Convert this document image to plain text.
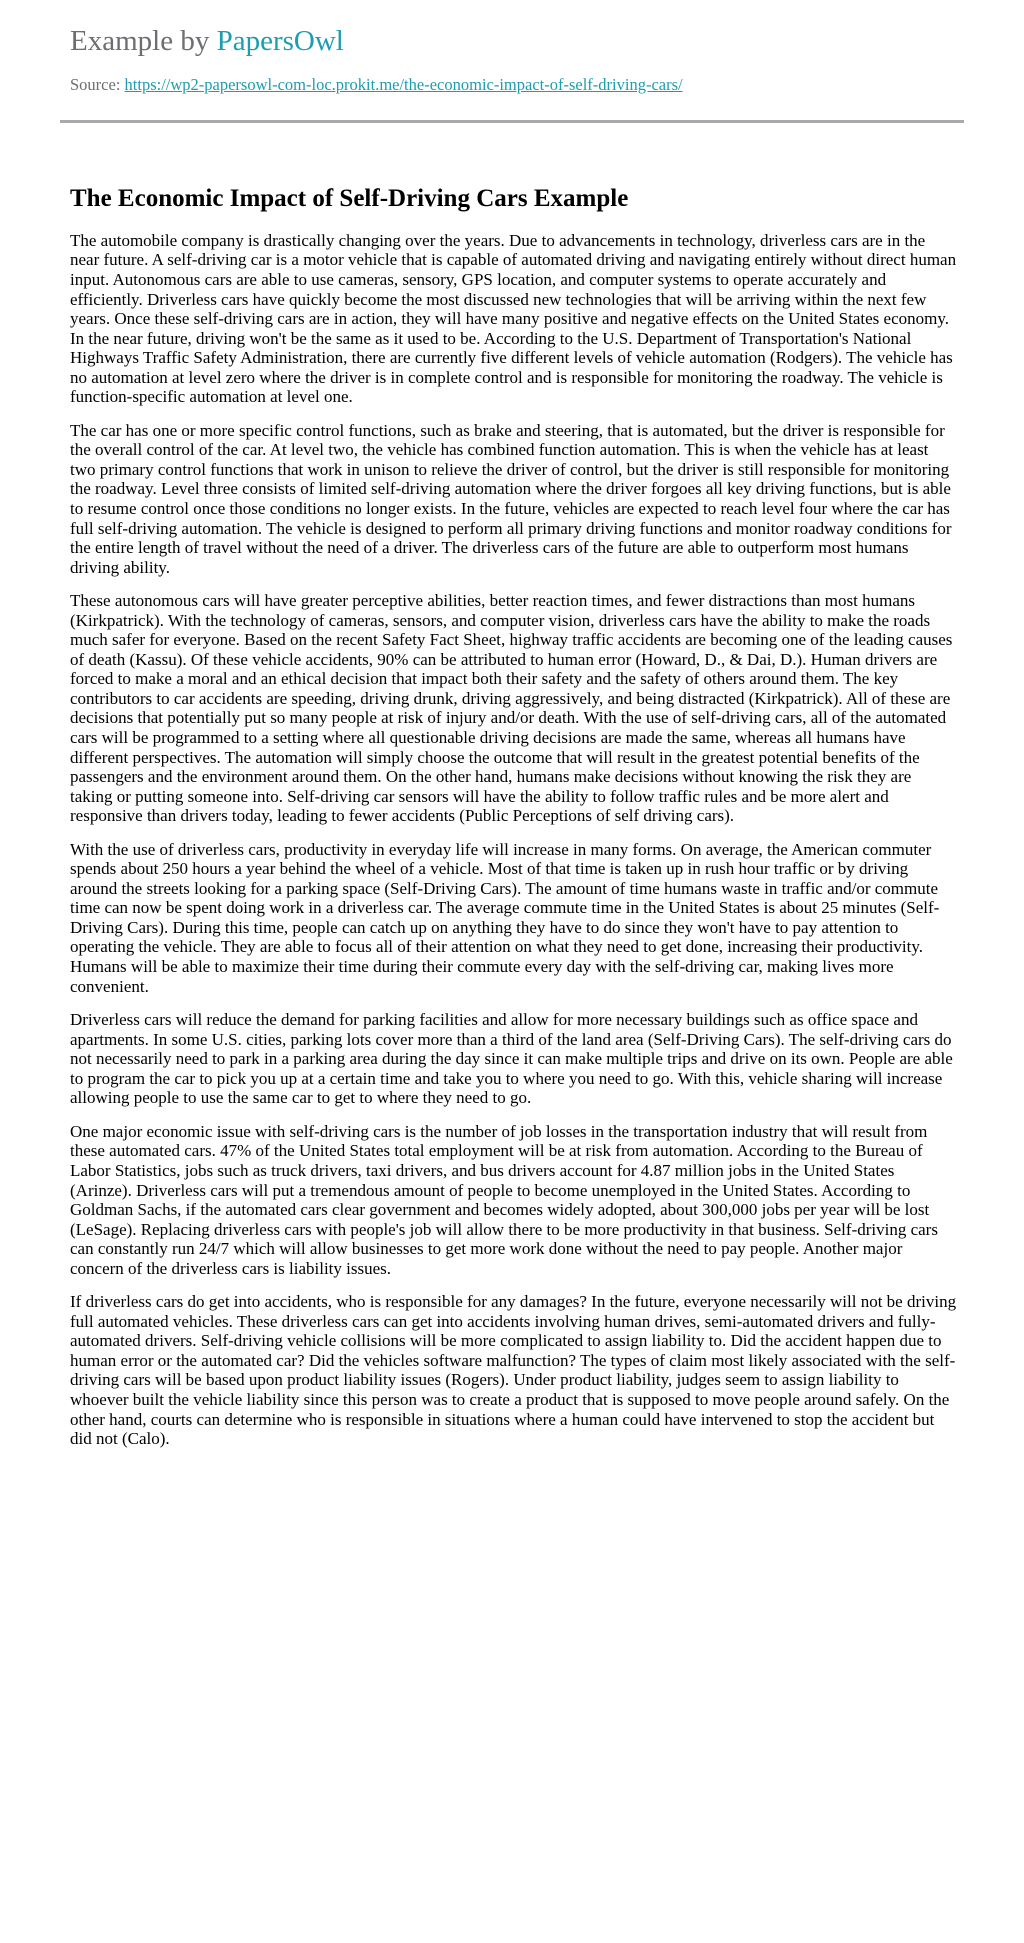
Example by PapersOwl
Source: https://wp2-papersowl-com-loc.prokit.me/the-economic-impact-of-self-driving-cars/
The Economic Impact of Self-Driving Cars Example

The automobile company is drastically changing over the years. Due to advancements in technology, driverless cars are in the near future. A self-driving car is a motor vehicle that is capable of automated driving and navigating entirely without direct human input. Autonomous cars are able to use cameras, sensory, GPS location, and computer systems to operate accurately and efficiently. Driverless cars have quickly become the most discussed new technologies that will be arriving within the next few years. Once these self-driving cars are in action, they will have many positive and negative effects on the United States economy. In the near future, driving won't be the same as it used to be. According to the U.S. Department of Transportation's National Highways Traffic Safety Administration, there are currently five different levels of vehicle automation (Rodgers). The vehicle has no automation at level zero where the driver is in complete control and is responsible for monitoring the roadway. The vehicle is function-specific automation at level one.

The car has one or more specific control functions, such as brake and steering, that is automated, but the driver is responsible for the overall control of the car. At level two, the vehicle has combined function automation. This is when the vehicle has at least two primary control functions that work in unison to relieve the driver of control, but the driver is still responsible for monitoring the roadway. Level three consists of limited self-driving automation where the driver forgoes all key driving functions, but is able to resume control once those conditions no longer exists. In the future, vehicles are expected to reach level four where the car has full self-driving automation. The vehicle is designed to perform all primary driving functions and monitor roadway conditions for the entire length of travel without the need of a driver. The driverless cars of the future are able to outperform most humans driving ability.

These autonomous cars will have greater perceptive abilities, better reaction times, and fewer distractions than most humans (Kirkpatrick). With the technology of cameras, sensors, and computer vision, driverless cars have the ability to make the roads much safer for everyone. Based on the recent Safety Fact Sheet, highway traffic accidents are becoming one of the leading causes of death (Kassu). Of these vehicle accidents, 90% can be attributed to human error (Howard, D., & Dai, D.). Human drivers are forced to make a moral and an ethical decision that impact both their safety and the safety of others around them. The key contributors to car accidents are speeding, driving drunk, driving aggressively, and being distracted (Kirkpatrick). All of these are decisions that potentially put so many people at risk of injury and/or death. With the use of self-driving cars, all of the automated cars will be programmed to a setting where all questionable driving decisions are made the same, whereas all humans have different perspectives. The automation will simply choose the outcome that will result in the greatest potential benefits of the passengers and the environment around them. On the other hand, humans make decisions without knowing the risk they are taking or putting someone into. Self-driving car sensors will have the ability to follow traffic rules and be more alert and responsive than drivers today, leading to fewer accidents (Public Perceptions of self driving cars).

With the use of driverless cars, productivity in everyday life will increase in many forms. On average, the American commuter spends about 250 hours a year behind the wheel of a vehicle. Most of that time is taken up in rush hour traffic or by driving around the streets looking for a parking space (Self-Driving Cars). The amount of time humans waste in traffic and/or commute time can now be spent doing work in a driverless car. The average commute time in the United States is about 25 minutes (Self-Driving Cars). During this time, people can catch up on anything they have to do since they won't have to pay attention to operating the vehicle. They are able to focus all of their attention on what they need to get done, increasing their productivity. Humans will be able to maximize their time during their commute every day with the self-driving car, making lives more convenient.

Driverless cars will reduce the demand for parking facilities and allow for more necessary buildings such as office space and apartments. In some U.S. cities, parking lots cover more than a third of the land area (Self-Driving Cars). The self-driving cars do not necessarily need to park in a parking area during the day since it can make multiple trips and drive on its own. People are able to program the car to pick you up at a certain time and take you to where you need to go. With this, vehicle sharing will increase allowing people to use the same car to get to where they need to go.

One major economic issue with self-driving cars is the number of job losses in the transportation industry that will result from these automated cars. 47% of the United States total employment will be at risk from automation. According to the Bureau of Labor Statistics, jobs such as truck drivers, taxi drivers, and bus drivers account for 4.87 million jobs in the United States (Arinze). Driverless cars will put a tremendous amount of people to become unemployed in the United States. According to Goldman Sachs, if the automated cars clear government and becomes widely adopted, about 300,000 jobs per year will be lost (LeSage). Replacing driverless cars with people's job will allow there to be more productivity in that business. Self-driving cars can constantly run 24/7 which will allow businesses to get more work done without the need to pay people. Another major concern of the driverless cars is liability issues.

If driverless cars do get into accidents, who is responsible for any damages? In the future, everyone necessarily will not be driving full automated vehicles. These driverless cars can get into accidents involving human drives, semi-automated drivers and fully-automated drivers. Self-driving vehicle collisions will be more complicated to assign liability to. Did the accident happen due to human error or the automated car? Did the vehicles software malfunction? The types of claim most likely associated with the self-driving cars will be based upon product liability issues (Rogers). Under product liability, judges seem to assign liability to whoever built the vehicle liability since this person was to create a product that is supposed to move people around safely. On the other hand, courts can determine who is responsible in situations where a human could have intervened to stop the accident but did not (Calo).
